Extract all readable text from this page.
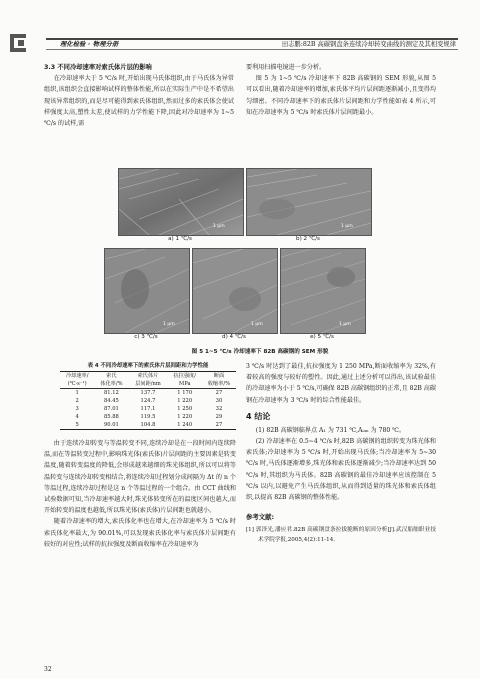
理化检验 · 物理分册	田志鹏:82B 高碳钢盘条连续冷却转变曲线的测定及其相变规律

3.3 不同冷却速率对索氏体片层的影响

在冷却速率大于 5 ℃/s 时,开始出现马氏体组织,由于马氏体为异常组织,该组织会直接影响试样的整体性能,所以在实际生产中是不希望出现该异常组织的,而是尽可能得到索氏体组织,然而过多的索氏体会使试样强度太高,塑性太差,使试样的力学性能下降,因此对冷却速率为 1~5 ℃/s 的试样,需

要利用扫描电镜进一步分析。

图 5 为 1~5 ℃/s 冷却速率下 82B 高碳钢的 SEM 形貌,从图 5 可以看出,随着冷却速率的增加,索氏体平均片层间距逐渐减小,且变得均匀细密。不同冷却速率下的索氏体片层间距和力学性能如表 4 所示,可知在冷却速率为 5 ℃/s 时索氏体片层间距最小。

1 μm
a) 1 ℃/s
1 μm
b) 2 ℃/s
1 μm
c) 3 ℃/s
1 μm
d) 4 ℃/s
1 μm
e) 5 ℃/s
图 5 1~5 ℃/s 冷却速率下 82B 高碳钢的 SEM 形貌
表 4 不同冷却速率下的索氏体片层间距和力学性能
冷却速率/	索氏	索氏体片	抗拉强度/	断面
(℃·s⁻¹)	体化率/%	层间距/nm	MPa	收缩率/%
1	81.12	137.7	1 170	27
2	84.45	124.7	1 220	30
3	87.01	117.1	1 250	32
4	85.88	119.5	1 220	29
5	90.01	104.8	1 240	27

由于连续冷却转变与等温转变不同,连续冷却是在一段时间内连续降温,而在等温转变过程中,影响珠光体(索氏体)片层间距的主要因素是转变温度,随着转变温度的降低,会形成越来越细的珠光体组织,所以可以将等温转变与连续冷却转变相结合,将连续冷却过程划分成间隔为 Δt 的 n 个等温过程,连续冷却过程是这 n 个等温过程的一个组合。由 CCT 曲线和试验数据可知,当冷却速率越大时,珠光体转变所在的温度区间也越大,而开始转变的温度也越低,所以珠光体(索氏体)片层间距也就越小。

随着冷却速率的增大,索氏体化率也在增大,在冷却速率为 5 ℃/s 时索氏体化率最大,为 90.01%,可以发现索氏体化率与索氏体片层间距有较好的对应性;试样的抗拉强度及断面收缩率在冷却速率为

3 ℃/s 时达到了最佳,抗拉强度为 1 250 MPa,断面收缩率为 32%,有着较高的强度与较好的塑性。因此,通过上述分析可以得出,该试验最佳的冷却速率为小于 5 ℃/s,可确保 82B 高碳钢组织的正常,且 82B 高碳钢在冷却速率为 3 ℃/s 时的综合性能最佳。

4 结论

(1) 82B 高碳钢临界点 A₁ 为 731 ℃,Aₒₘ 为 780 ℃。

(2) 冷却速率在 0.5~4 ℃/s 时,82B 高碳钢的组织转变为珠光体和索氏体;冷却速率为 5 ℃/s 时,开始出现马氏体;当冷却速率为 5~30 ℃/s 时,马氏体逐渐增多,珠光体和索氏体逐渐减少;当冷却速率达到 50 ℃/s 时,其组织为马氏体。82B 高碳钢的最佳冷却速率应该控制在 5 ℃/s 以内,以避免产生马氏体组织,从而得到适量的珠光体和索氏体组织,以提高 82B 高碳钢的整体性能。

参考文献:

[1] 郭泽光,潘应君.82B 高碳钢盘条拉拔脆断的原因分析[J].武汉船舶职业技术学院学报,2005,4(2):11-14.

32
